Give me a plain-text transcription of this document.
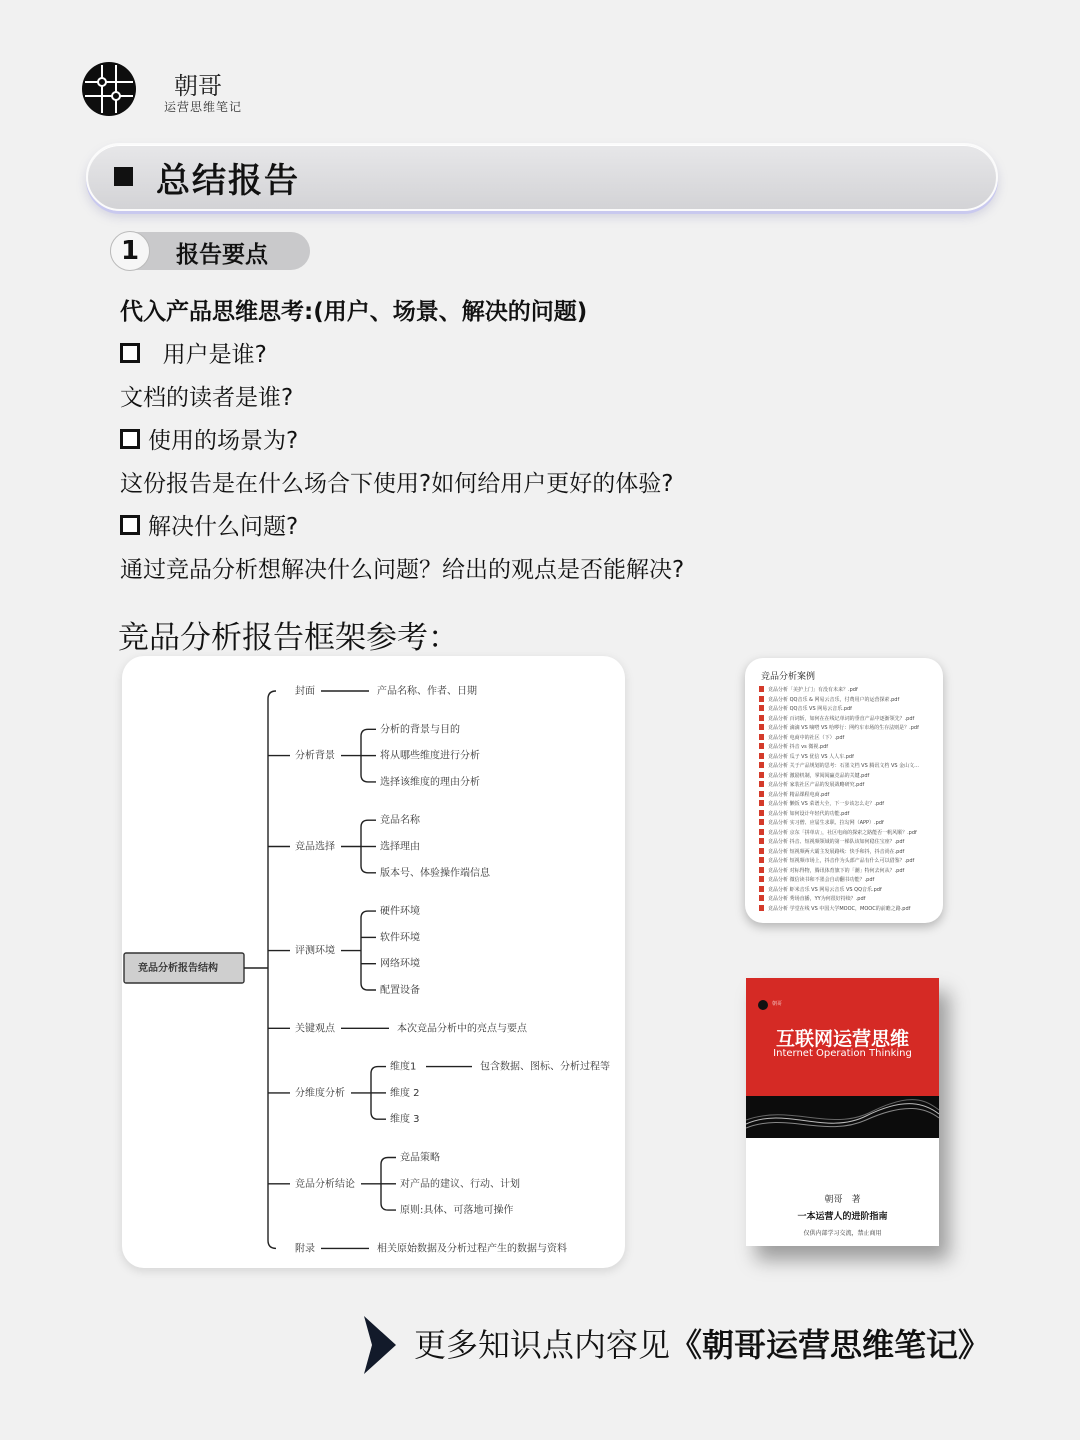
朝哥
运营思维笔记
总结报告
1	报告要点
代入产品思维思考:(用户、场景、解决的问题)
用户是谁?
文档的读者是谁?
使用的场景为?
这份报告是在什么场合下使用?如何给用户更好的体验?
解决什么问题?
通过竞品分析想解决什么问题？给出的观点是否能解决?
竞品分析报告框架参考：
竞品分析报告结构
封面	产品名称、作者、日期
分析背景
分析的背景与目的
将从哪些维度进行分析
选择该维度的理由分析
竞品选择
竞品名称
选择理由
版本号、体验操作端信息
评测环境
硬件环境
软件环境
网络环境
配置设备
关键观点	本次竞品分析中的亮点与要点
分维度分析
维度1	包含数据、图标、分析过程等
维度 2
维度 3
竞品分析结论
竞品策略
对产品的建议、行动、计划
原则:具体、可落地可操作
附录	相关原始数据及分析过程产生的数据与资料
竞品分析案例
竞品分析「美护上门」有没有未来？.pdf
竞品分析 QQ音乐 & 网易云音乐，付费用户的运营探索.pdf
竞品分析 QQ音乐 VS 网易云音乐.pdf
竞品分析 百词斩，如何在在线记单词的垂直产品中逐渐领先？.pdf
竞品分析 滴滴 VS 嘀嗒 VS 哈啰行：网约车市场的生存法则是？.pdf
竞品分析 电商中的社区（下）.pdf
竞品分析 抖音 vs 微视.pdf
竞品分析 瓜子 VS 优信 VS 人人车.pdf
竞品分析 关于产品规划的思考：石墨文档 VS 腾讯文档 VS 金山文...
竞品分析 激励机制，掌阅阅赢竞品的关键.pdf
竞品分析 家装社区产品的发展战略研究.pdf
竞品分析 精品课程电商.pdf
竞品分析 懒饭 VS 菜谱大全，下一步该怎么走？.pdf
竞品分析 如何设计年轻代的功能.pdf
竞品分析 实习僧、应届生求职、拉勾网（APP）.pdf
竞品分析 京东「拼单店」，社区电商的探索之路能否一帆风顺？.pdf
竞品分析 抖音、短视频领域的第一梯队该如何稳住宝座？.pdf
竞品分析 短视频两大霸主发展路线：快手和抖，抖音尚在.pdf
竞品分析 短视频市场上，抖音作为头部产品有什么可以借鉴？.pdf
竞品分析 对标得物，腾讯体育旗下的「潮」特何去何从？.pdf
竞品分析 微信读书和不墨会自动翻书功能？.pdf
竞品分析 虾米音乐 VS 网易云音乐 VS QQ音乐.pdf
竞品分析 秀场直播，YY为何很好持续？.pdf
竞品分析 学堂在线 VS 中国大学MOOC，MOOC的前瞻之路.pdf
朝哥
互联网运营思维
Internet Operation Thinking
朝哥　著
一本运营人的进阶指南
仅供内部学习交流，禁止商用
更多知识点内容见《朝哥运营思维笔记》
